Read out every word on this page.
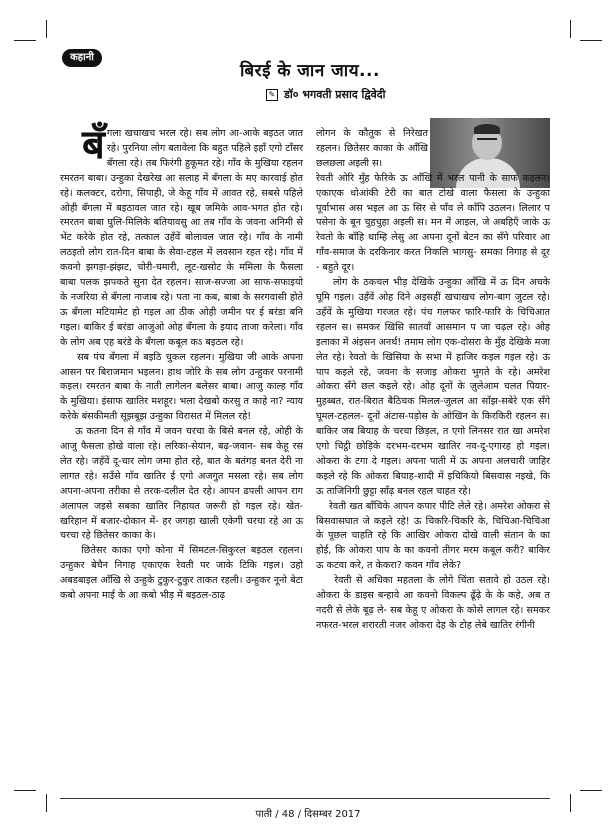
कहानी
बिरई के जान जाय...
✎ डॉ० भगवती प्रसाद द्विवेदी

बँगला खचाखच भरल रहे। सब लोग आ-आके बइठत जात रहे। पुरनिया लोग बतावेला कि बहुत पहिले इहाँ एगो टाँसर बँगला रहे। तब फिरंगी हुकूमत रहे। गाँव के मुखिया रहलन रमरतन बाबा। उन्हुका देखरेख आ सलाह में बँगला के मए कारवाई होत रहे। कलक्टर, दरोगा, सिपाही, जे केहू गाँव में आवत रहे, सबसे पहिले ओही बँगला में बइठावल जात रहे। खूब जमिके आव-भगत होत रहे। रमरतन बाबा घुलि-मिलिके बतियावसु आ तब गाँव के जवना अनिमी से भेंट करेके होत रहे, तत्काल उहँवें बोलावल जात रहे। गाँव के नामी लठइतो लोग रात-दिन बाबा के सेवा-टहल में लवसान रहत रहे। गाँव में कवनो झगड़ा-झंझट, चोरी-चमारी, लूट-खसोट के ममिला के फैसला बाबा पलक झपकते सुना देत रहलन। साज-सज्जा आ साफ-सफाइयो के नजरिया से बँगला नाजाब रहे। पता ना कब, बाबा के सरगवासी होते ऊ बँगला मटियामेट हो गइल आ ठीक ओही जमीन पर ई बरंडा बनि गइल। बाकिर ई बरंडा आजुओ ओह बँगला के इयाद ताजा करेला। गाँव के लोग अब एह बरंडे के बँगला कबूल कऽ बइठल रहे।

सब पंच बँगला में बइठि चुकल रहलन। मुखिया जी आके अपना आसन पर बिराजमान भइलन। हाथ जोरि के सब लोग उन्हुकर परनामी कइल। रमरतन बाबा के नाती लागेलन बलेसर बाबा। आजु काल्ह गाँव के मुखिया। इंसाफ खातिर मशहूर। भला देखबो करसु त काहे ना? न्याय करेके बंसकीमती सूझबूझ उन्हुका विरासत में मिलल रहे!

ऊ कतना दिन से गाँव में जवन चरचा के बिसे बनल रहे, ओही के आजु फैसला होखे वाला रहे। लरिका-सेयान, बढ़-जवान- सब केहू रस लेत रहे। जहँवें दू-चार लोग जमा होत रहे, बात के बतंगड़ बनत देरी ना लागत रहे। सउँसे गाँव खातिर ई एगो अजगुत मसला रहे। सब लोग अपना-अपना तरीका से तरक-दलील देत रहे। आपन ढपली आपन राग अलापल जइसे सबका खातिर निहायत जरूरी हो गइल रहे। खेत-खरिहान में बजार-दोकान में- हर जगहा खाली एकेगी चरचा रहे आ ऊ चरचा रहे छितेसर काका के।

छितेसर काका एगो कोना में सिमटल-सिकुरल बइठल रहलन। उन्हुकर बेचैन निगाह एकाएक रेवती पर जाके टिकि गइल। उहो अबडबाइल आँखि से उन्हुके टुकुर-टुकुर ताकत रहली। उन्हुकर नूनो बेटा कबो अपना माई के आ कबो भीड़ में बइठल-ठाढ़

लोगन के कौतुक से निरेखत रहलन। छितेसर काका के आँखि छलछला अइली स।

रेवती ओरि मुँह फेरिके ऊ आँखि में भरल पानी के साफ कइलन। एकाएक धोआंकी टेरी का बात टोखे वाला फैसला के उन्हुका पूर्वाभास अस भइल आ ऊ सिर से पाँव ले काँपि उठलन। लिलार प पसेना के बून चुहचुहा अइली स। मन में आइल, जे अबहिएँ जाके ऊ रेवतो के बाँहि थाम्हि लेसु आ अपना दूनों बेटन का सँगे परिवार आ गाँव-समाज के दरकिनार करत निकलि भागसु- समका निगाह से दूर - बहुते दूर।

लोग के ठकचल भीड़ देखिके उन्हुका आँखि में ऊ दिन अचके घूमि गइल। उहँवें ओह दिने अइसहीं खचाखच लोग-बाग जुटल रहे। उहँवें के मुखिया गरजत रहे। पंच गलफर फारि-फारि के चिचिआत रहलन स। समकर खिसि सातवाँ आसमान प जा चढ़ल रहे। ओह इलाका में अंइसन अनर्थ! तमाम लोग एक-दोसरा के मुँह देखिके मजा लेत रहे। रेवतो के खिसिया के सभा में हाजिर कइल गइल रहे। ऊ पाप कइले रहे, जवना के सजाइ ओकरा भुगते के रहे। अमरेश ओकरा सँगे छल कइले रहे। ओह दूनों के ज़ुलेआम चलत पियार-मुहब्बत, रात-बिरात बैठिचक मिलल-जुलल आ साँझ-सबेरे एक सँगे घूमल-टहलल- दूनों अंटास-पड़ोस के ओखिन के किरकिरी रहलन स। बाकिर जब बियाह के चरचा छिड़ल, त एगो लिनसर रात खा अमरेश एगो चिट्ठी छोड़िके दरभम-दरभम खातिर नव-दू-एगारह हो गइल। ओकरा के टगा दे गइल। अपना पाती में ऊ अपना अलचारी जाहिर कइले रहे कि ओकरा बियाह-शादी में इचिकियो बिसवास नइखे, कि ऊ ताजिनिगी छुट्टा साँढ़ बनल रहल चाहत रहे।

रेवती खत बाँचिके आपन कपार पीटि लेले रहे। अमरेश ओकरा से बिसवासघात जे कइले रहे! ऊ चिकरि-चिकरि के, चिचिआ-चिचिआ के पूछल चाहति रहे कि आखिर ओकरा दोखे वाली संतान के का होई, कि ओकरा पाप के का कवनो तीगर मरम कबूल करी? बाकिर ऊ कटवा करे, त केकरा? कवन गाँव लेके?

रेवती से अधिका महतला के लोगे चिंता सतावे हो उठल रहे। ओकरा के डाइस बन्हावे आ कवनो विकल्प ढूँढ़े के के कहे, अब त नदरी से लेके बूढ़ ले- सब केहू ए ओकरा के कोसे लागल रहे। समकर नफरत-भरल शरारती नजर ओकरा देह के टोह लेबे खातिर रंगीनी

पाती / 48 / दिसम्बर 2017
